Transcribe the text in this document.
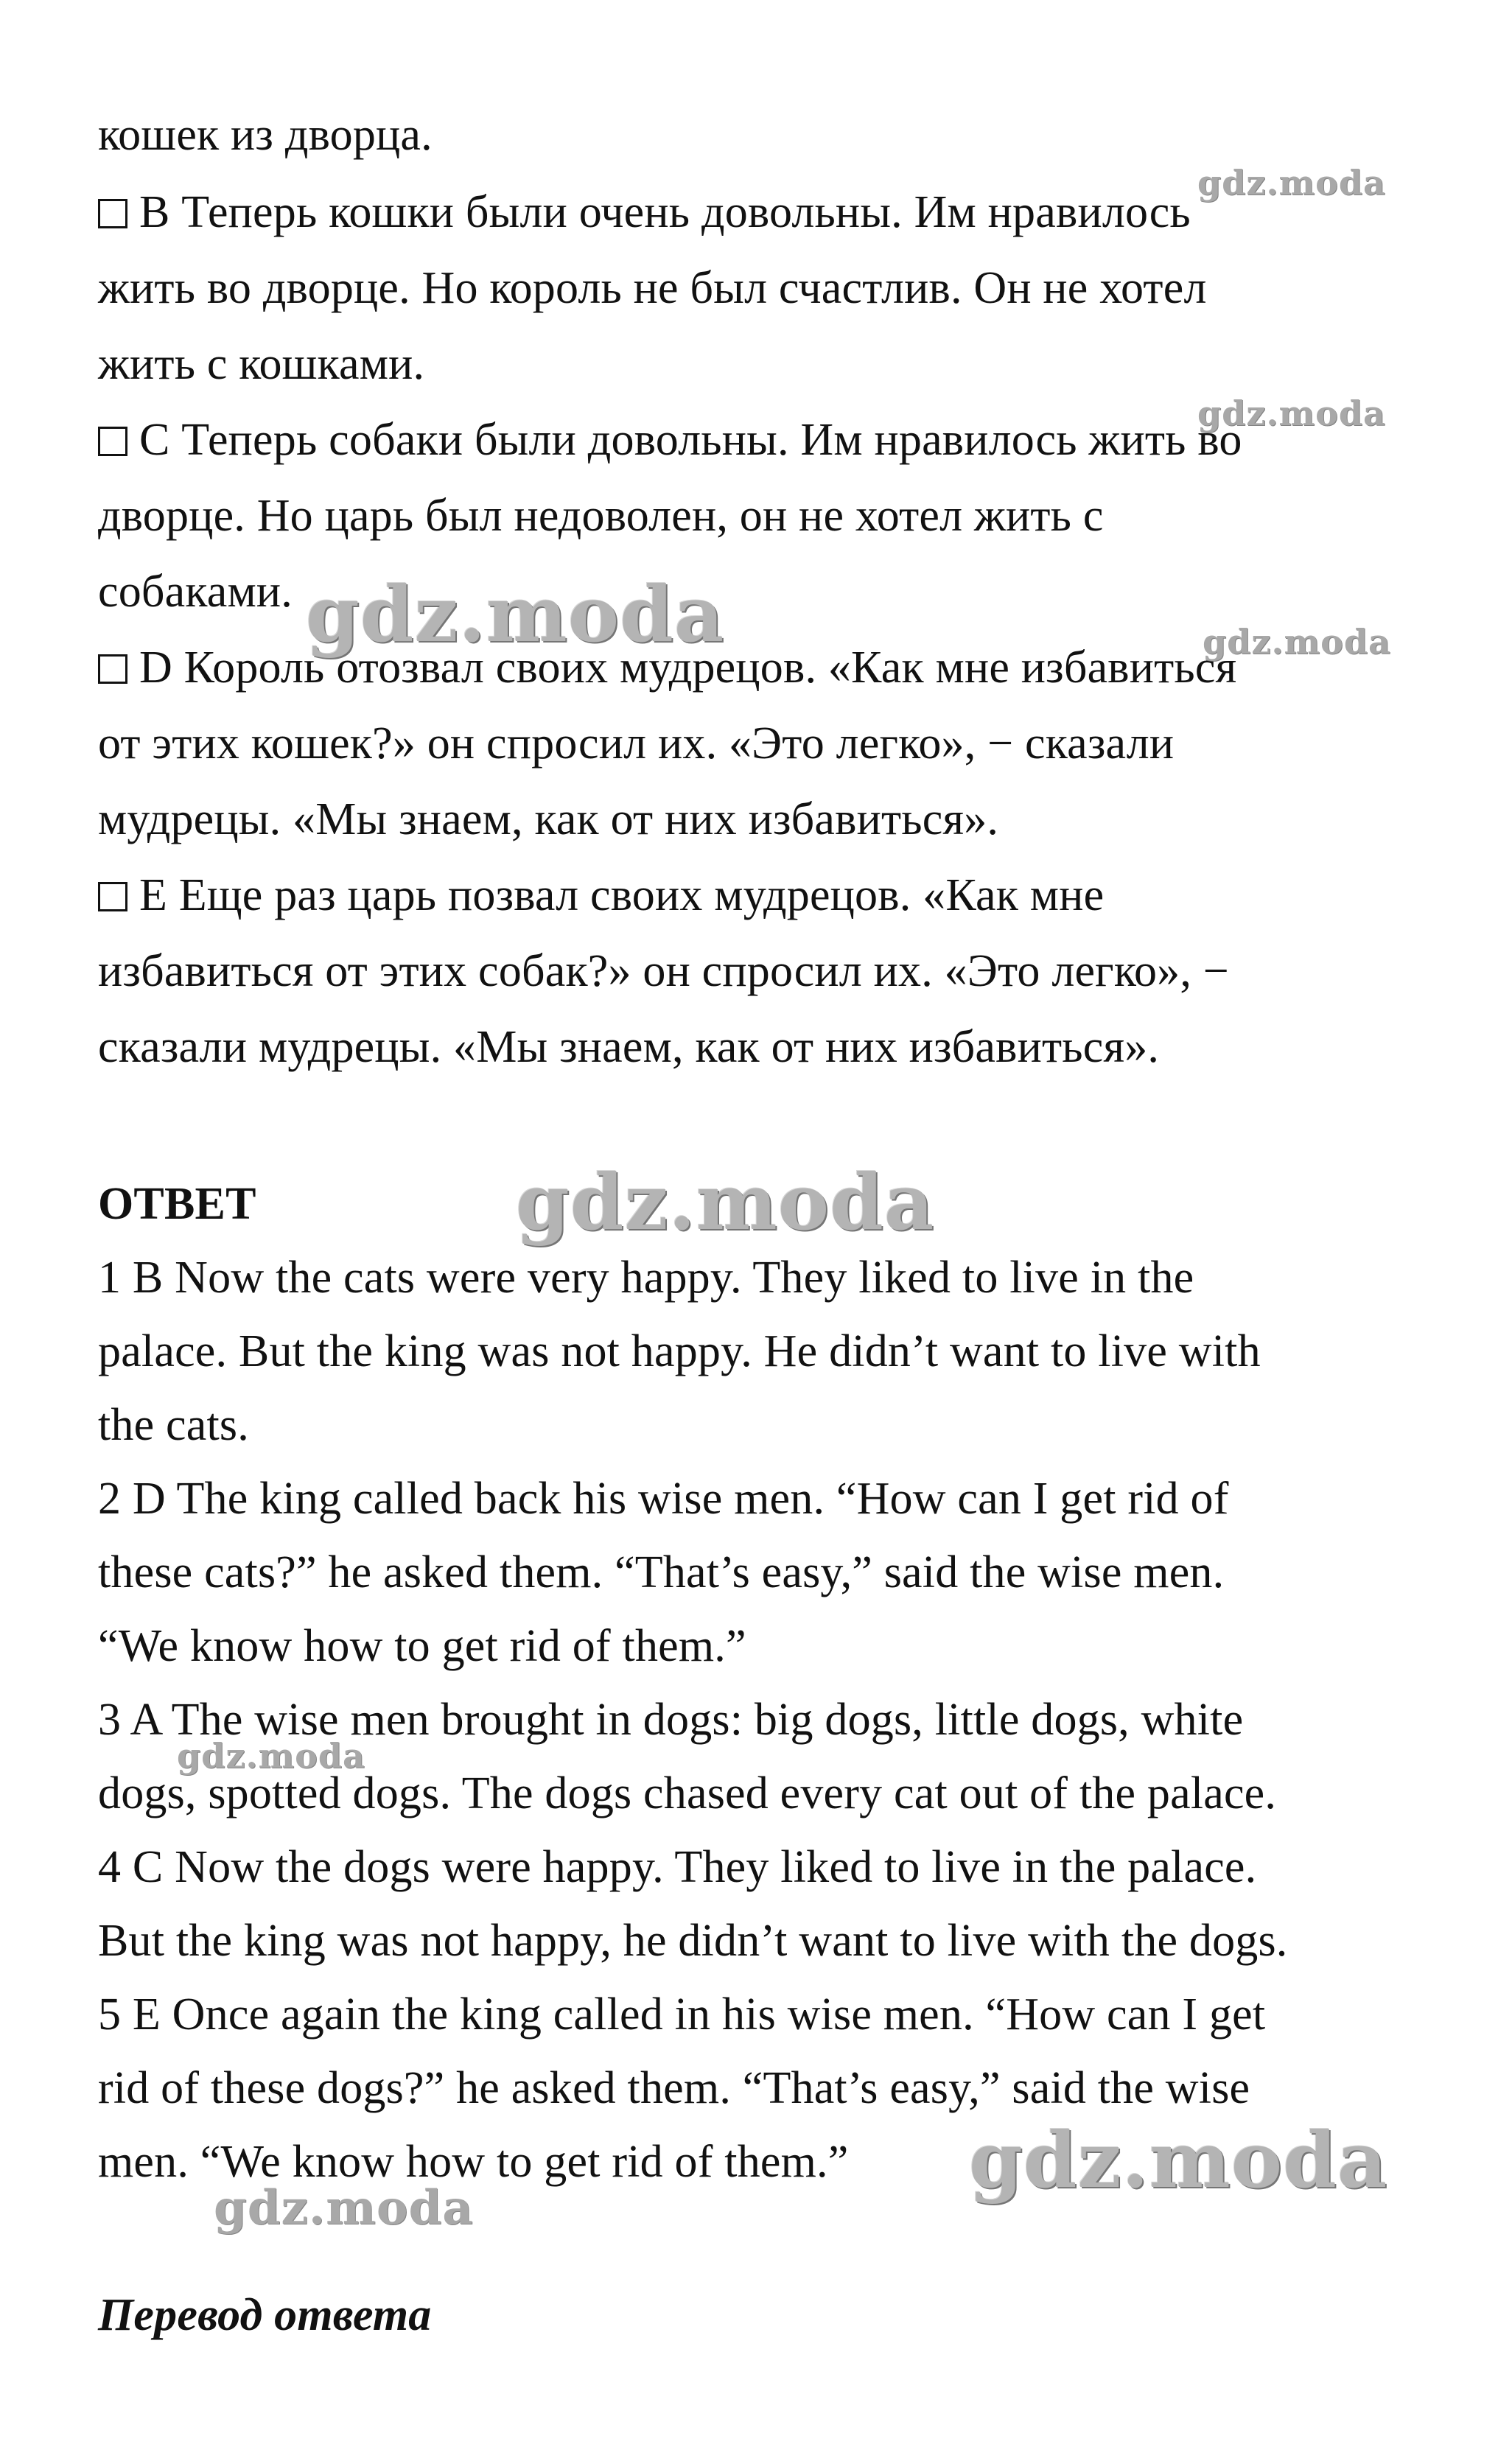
кошек из дворца.
В Теперь кошки были очень довольны. Им нравилось
жить во дворце. Но король не был счастлив. Он не хотел
жить с кошками.
С Теперь собаки были довольны. Им нравилось жить во
дворце. Но царь был недоволен, он не хотел жить с
собаками.
D Король отозвал своих мудрецов. «Как мне избавиться
от этих кошек?» он спросил их. «Это легко», − сказали
мудрецы. «Мы знаем, как от них избавиться».
Е Еще раз царь позвал своих мудрецов. «Как мне
избавиться от этих собак?» он спросил их. «Это легко», −
сказали мудрецы. «Мы знаем, как от них избавиться».
ОТВЕТ
1 B Now the cats were very happy. They liked to live in the
palace. But the king was not happy. He didn’t want to live with
the cats.
2 D The king called back his wise men. “How can I get rid of
these cats?” he asked them. “That’s easy,” said the wise men.
“We know how to get rid of them.”
3 A The wise men brought in dogs: big dogs, little dogs, white
dogs, spotted dogs. The dogs chased every cat out of the palace.
4 C Now the dogs were happy. They liked to live in the palace.
But the king was not happy, he didn’t want to live with the dogs.
5 E Once again the king called in his wise men. “How can I get
rid of these dogs?” he asked them. “That’s easy,” said the wise
men. “We know how to get rid of them.”
Перевод ответа
gdz.moda
gdz.moda
gdz.moda
gdz.moda
gdz.moda
gdz.moda
gdz.moda
gdz.moda
